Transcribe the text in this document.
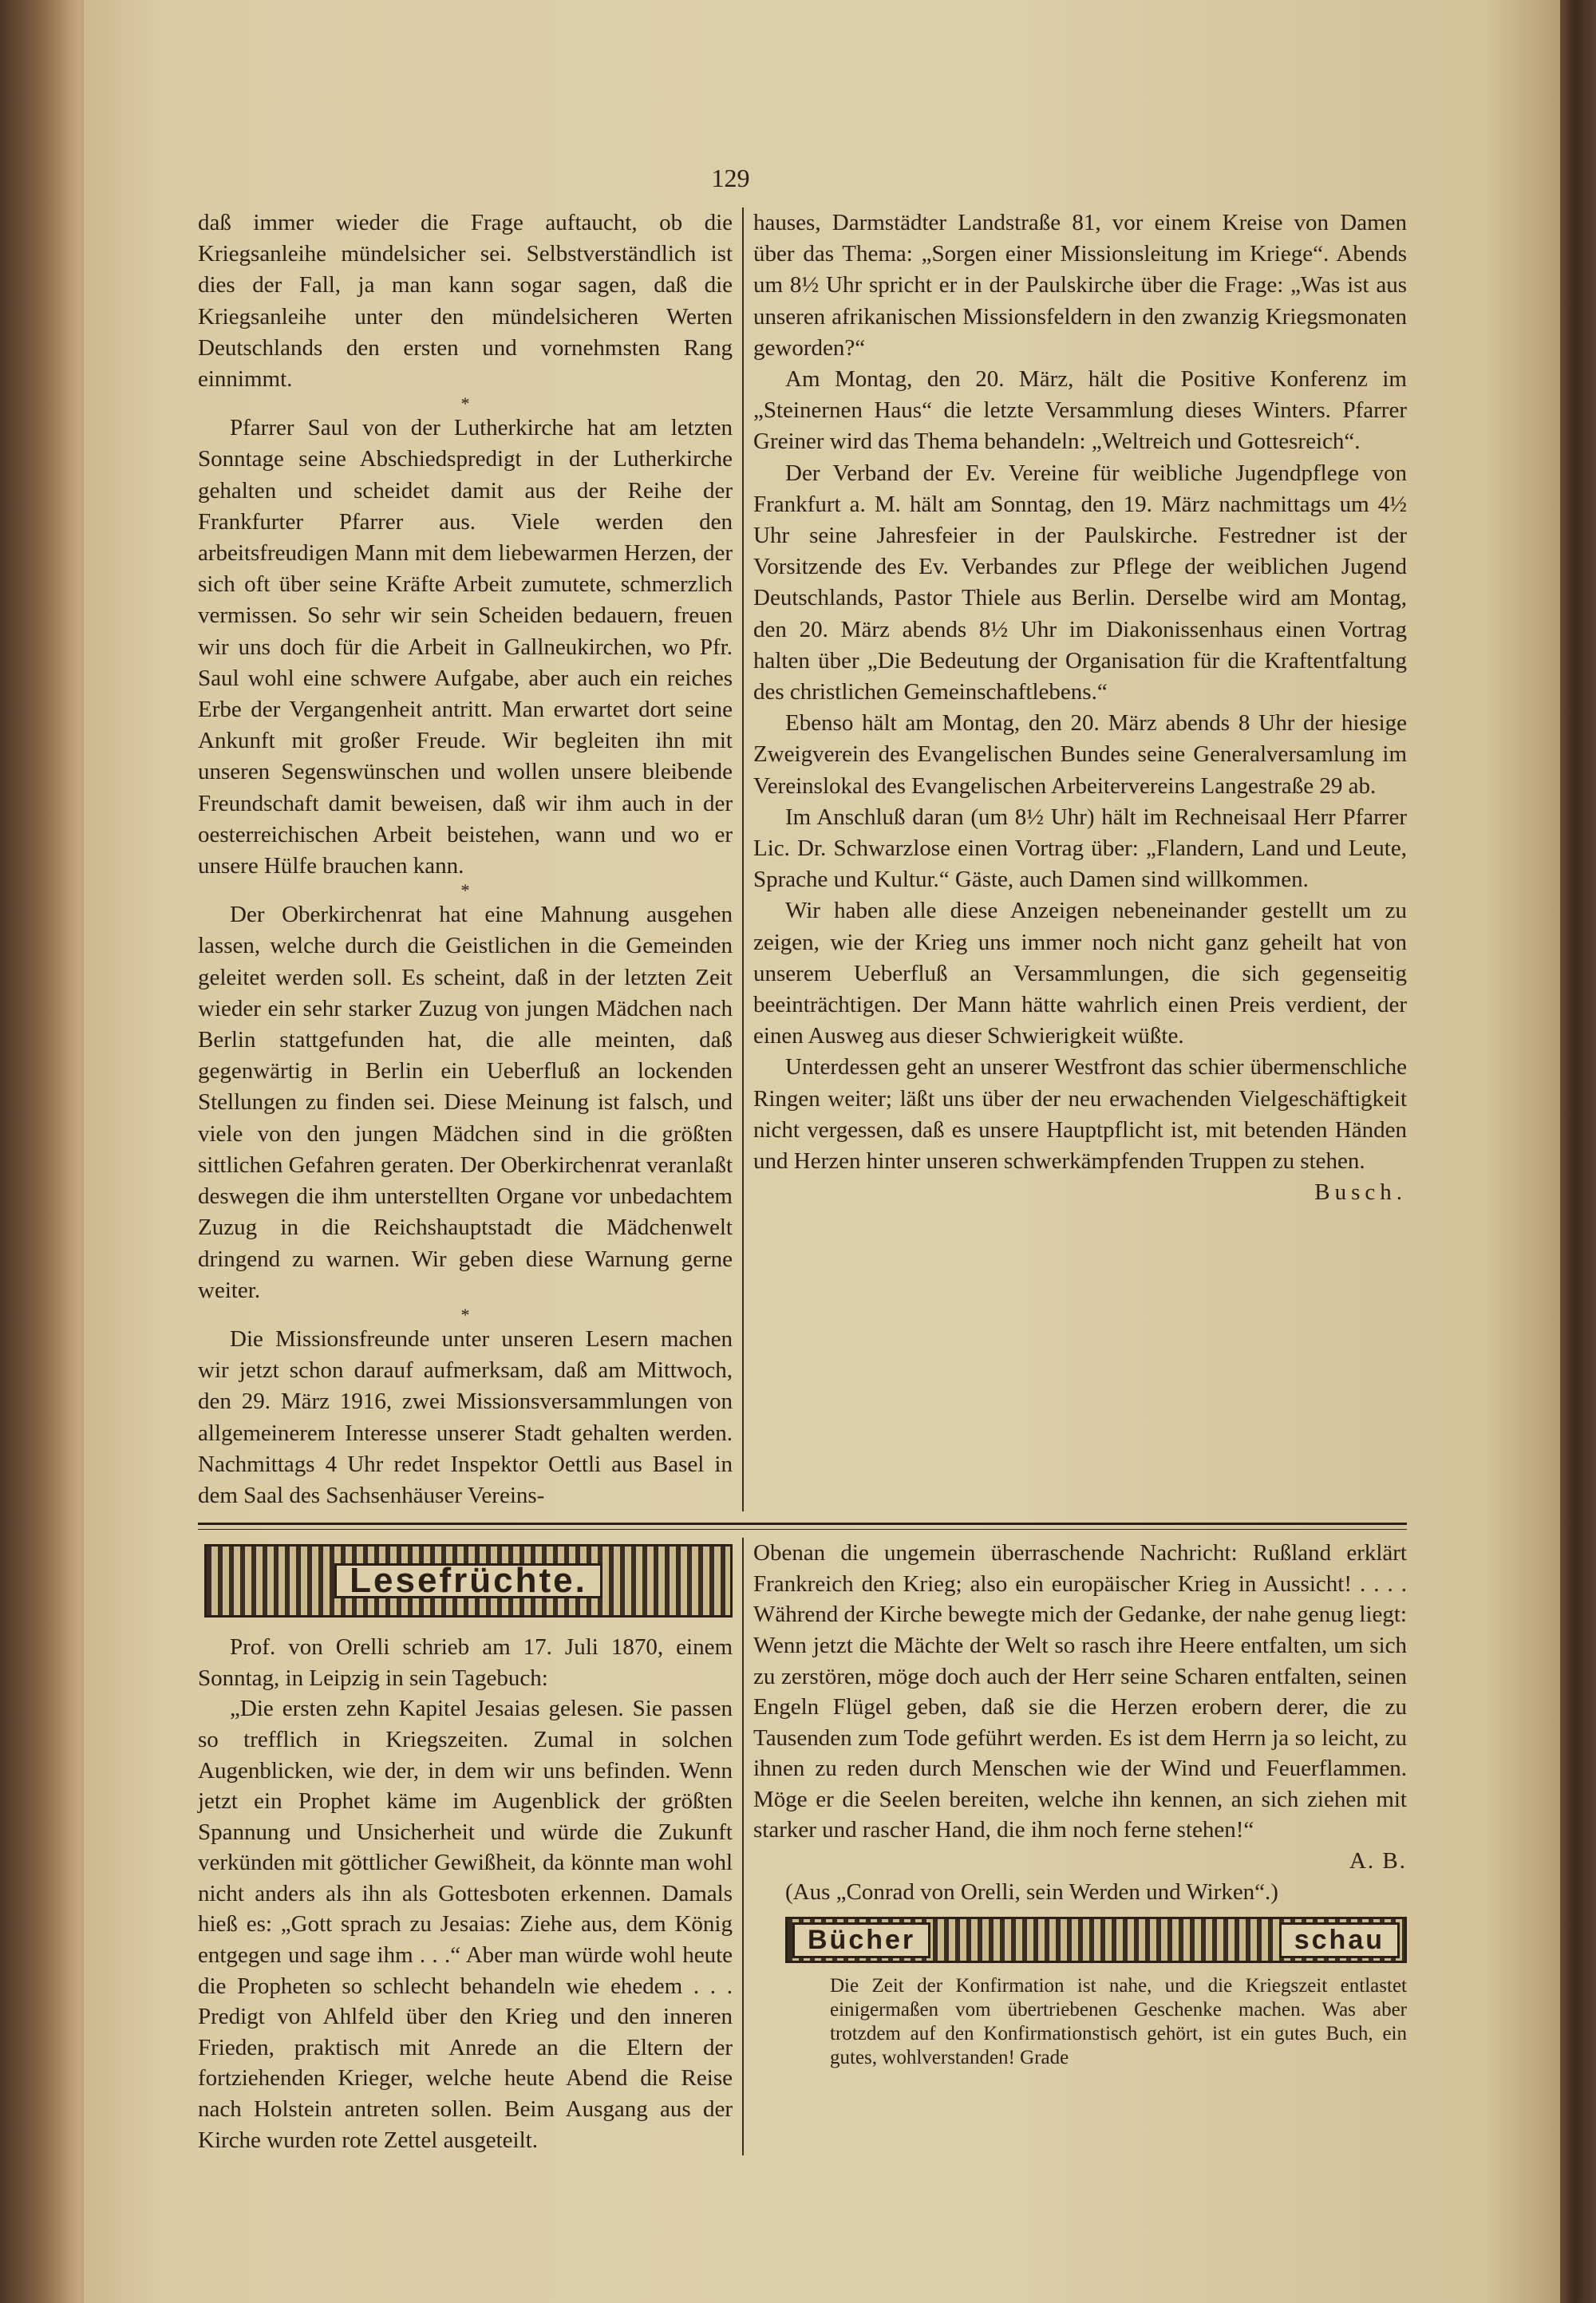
129

daß immer wieder die Frage auftaucht, ob die Kriegsanleihe mündelsicher sei. Selbstverständlich ist dies der Fall, ja man kann sogar sagen, daß die Kriegsanleihe unter den mündelsicheren Werten Deutschlands den ersten und vornehmsten Rang einnimmt.

*

Pfarrer Saul von der Lutherkirche hat am letzten Sonntage seine Abschiedspredigt in der Lutherkirche gehalten und scheidet damit aus der Reihe der Frankfurter Pfarrer aus. Viele werden den arbeitsfreudigen Mann mit dem liebewarmen Herzen, der sich oft über seine Kräfte Arbeit zumutete, schmerzlich vermissen. So sehr wir sein Scheiden bedauern, freuen wir uns doch für die Arbeit in Gallneukirchen, wo Pfr. Saul wohl eine schwere Aufgabe, aber auch ein reiches Erbe der Vergangenheit antritt. Man erwartet dort seine Ankunft mit großer Freude. Wir begleiten ihn mit unseren Segenswünschen und wollen unsere bleibende Freundschaft damit beweisen, daß wir ihm auch in der oesterreichischen Arbeit beistehen, wann und wo er unsere Hülfe brauchen kann.

*

Der Oberkirchenrat hat eine Mahnung ausgehen lassen, welche durch die Geistlichen in die Gemeinden geleitet werden soll. Es scheint, daß in der letzten Zeit wieder ein sehr starker Zuzug von jungen Mädchen nach Berlin stattgefunden hat, die alle meinten, daß gegenwärtig in Berlin ein Ueberfluß an lockenden Stellungen zu finden sei. Diese Meinung ist falsch, und viele von den jungen Mädchen sind in die größten sittlichen Gefahren geraten. Der Oberkirchenrat veranlaßt deswegen die ihm unterstellten Organe vor unbedachtem Zuzug in die Reichshauptstadt die Mädchenwelt dringend zu warnen. Wir geben diese Warnung gerne weiter.

*

Die Missionsfreunde unter unseren Lesern machen wir jetzt schon darauf aufmerksam, daß am Mittwoch, den 29. März 1916, zwei Missionsversammlungen von allgemeinerem Interesse unserer Stadt gehalten werden. Nachmittags 4 Uhr redet Inspektor Oettli aus Basel in dem Saal des Sachsenhäuser Vereins-

hauses, Darmstädter Landstraße 81, vor einem Kreise von Damen über das Thema: „Sorgen einer Missionsleitung im Kriege“. Abends um 8½ Uhr spricht er in der Paulskirche über die Frage: „Was ist aus unseren afrikanischen Missionsfeldern in den zwanzig Kriegsmonaten geworden?“

Am Montag, den 20. März, hält die Positive Konferenz im „Steinernen Haus“ die letzte Versammlung dieses Winters. Pfarrer Greiner wird das Thema behandeln: „Weltreich und Gottesreich“.

Der Verband der Ev. Vereine für weibliche Jugendpflege von Frankfurt a. M. hält am Sonntag, den 19. März nachmittags um 4½ Uhr seine Jahresfeier in der Paulskirche. Festredner ist der Vorsitzende des Ev. Verbandes zur Pflege der weiblichen Jugend Deutschlands, Pastor Thiele aus Berlin. Derselbe wird am Montag, den 20. März abends 8½ Uhr im Diakonissenhaus einen Vortrag halten über „Die Bedeutung der Organisation für die Kraftentfaltung des christlichen Gemeinschaftlebens.“

Ebenso hält am Montag, den 20. März abends 8 Uhr der hiesige Zweigverein des Evangelischen Bundes seine Generalversamlung im Vereinslokal des Evangelischen Arbeitervereins Langestraße 29 ab.

Im Anschluß daran (um 8½ Uhr) hält im Rechneisaal Herr Pfarrer Lic. Dr. Schwarzlose einen Vortrag über: „Flandern, Land und Leute, Sprache und Kultur.“ Gäste, auch Damen sind willkommen.

Wir haben alle diese Anzeigen nebeneinander gestellt um zu zeigen, wie der Krieg uns immer noch nicht ganz geheilt hat von unserem Ueberfluß an Versammlungen, die sich gegenseitig beeinträchtigen. Der Mann hätte wahrlich einen Preis verdient, der einen Ausweg aus dieser Schwierigkeit wüßte.

Unterdessen geht an unserer Westfront das schier übermenschliche Ringen weiter; läßt uns über der neu erwachenden Vielgeschäftigkeit nicht vergessen, daß es unsere Hauptpflicht ist, mit betenden Händen und Herzen hinter unseren schwerkämpfenden Truppen zu stehen.

Busch.
Lesefrüchte.

Prof. von Orelli schrieb am 17. Juli 1870, einem Sonntag, in Leipzig in sein Tagebuch:

„Die ersten zehn Kapitel Jesaias gelesen. Sie passen so trefflich in Kriegszeiten. Zumal in solchen Augenblicken, wie der, in dem wir uns befinden. Wenn jetzt ein Prophet käme im Augenblick der größten Spannung und Unsicherheit und würde die Zukunft verkünden mit göttlicher Gewißheit, da könnte man wohl nicht anders als ihn als Gottesboten erkennen. Damals hieß es: „Gott sprach zu Jesaias: Ziehe aus, dem König entgegen und sage ihm . . .“ Aber man würde wohl heute die Propheten so schlecht behandeln wie ehedem . . . Predigt von Ahlfeld über den Krieg und den inneren Frieden, praktisch mit Anrede an die Eltern der fortziehenden Krieger, welche heute Abend die Reise nach Holstein antreten sollen. Beim Ausgang aus der Kirche wurden rote Zettel ausgeteilt.

Obenan die ungemein überraschende Nachricht: Rußland erklärt Frankreich den Krieg; also ein europäischer Krieg in Aussicht! . . . . Während der Kirche bewegte mich der Gedanke, der nahe genug liegt: Wenn jetzt die Mächte der Welt so rasch ihre Heere entfalten, um sich zu zerstören, möge doch auch der Herr seine Scharen entfalten, seinen Engeln Flügel geben, daß sie die Herzen erobern derer, die zu Tausenden zum Tode geführt werden. Es ist dem Herrn ja so leicht, zu ihnen zu reden durch Menschen wie der Wind und Feuerflammen. Möge er die Seelen bereiten, welche ihn kennen, an sich ziehen mit starker und rascher Hand, die ihm noch ferne stehen!“

A. B.

(Aus „Conrad von Orelli, sein Werden und Wirken“.)

Bücher	schau

Die Zeit der Konfirmation ist nahe, und die Kriegszeit entlastet einigermaßen vom übertriebenen Geschenke machen. Was aber trotzdem auf den Konfirmationstisch gehört, ist ein gutes Buch, ein gutes, wohlverstanden! Grade
